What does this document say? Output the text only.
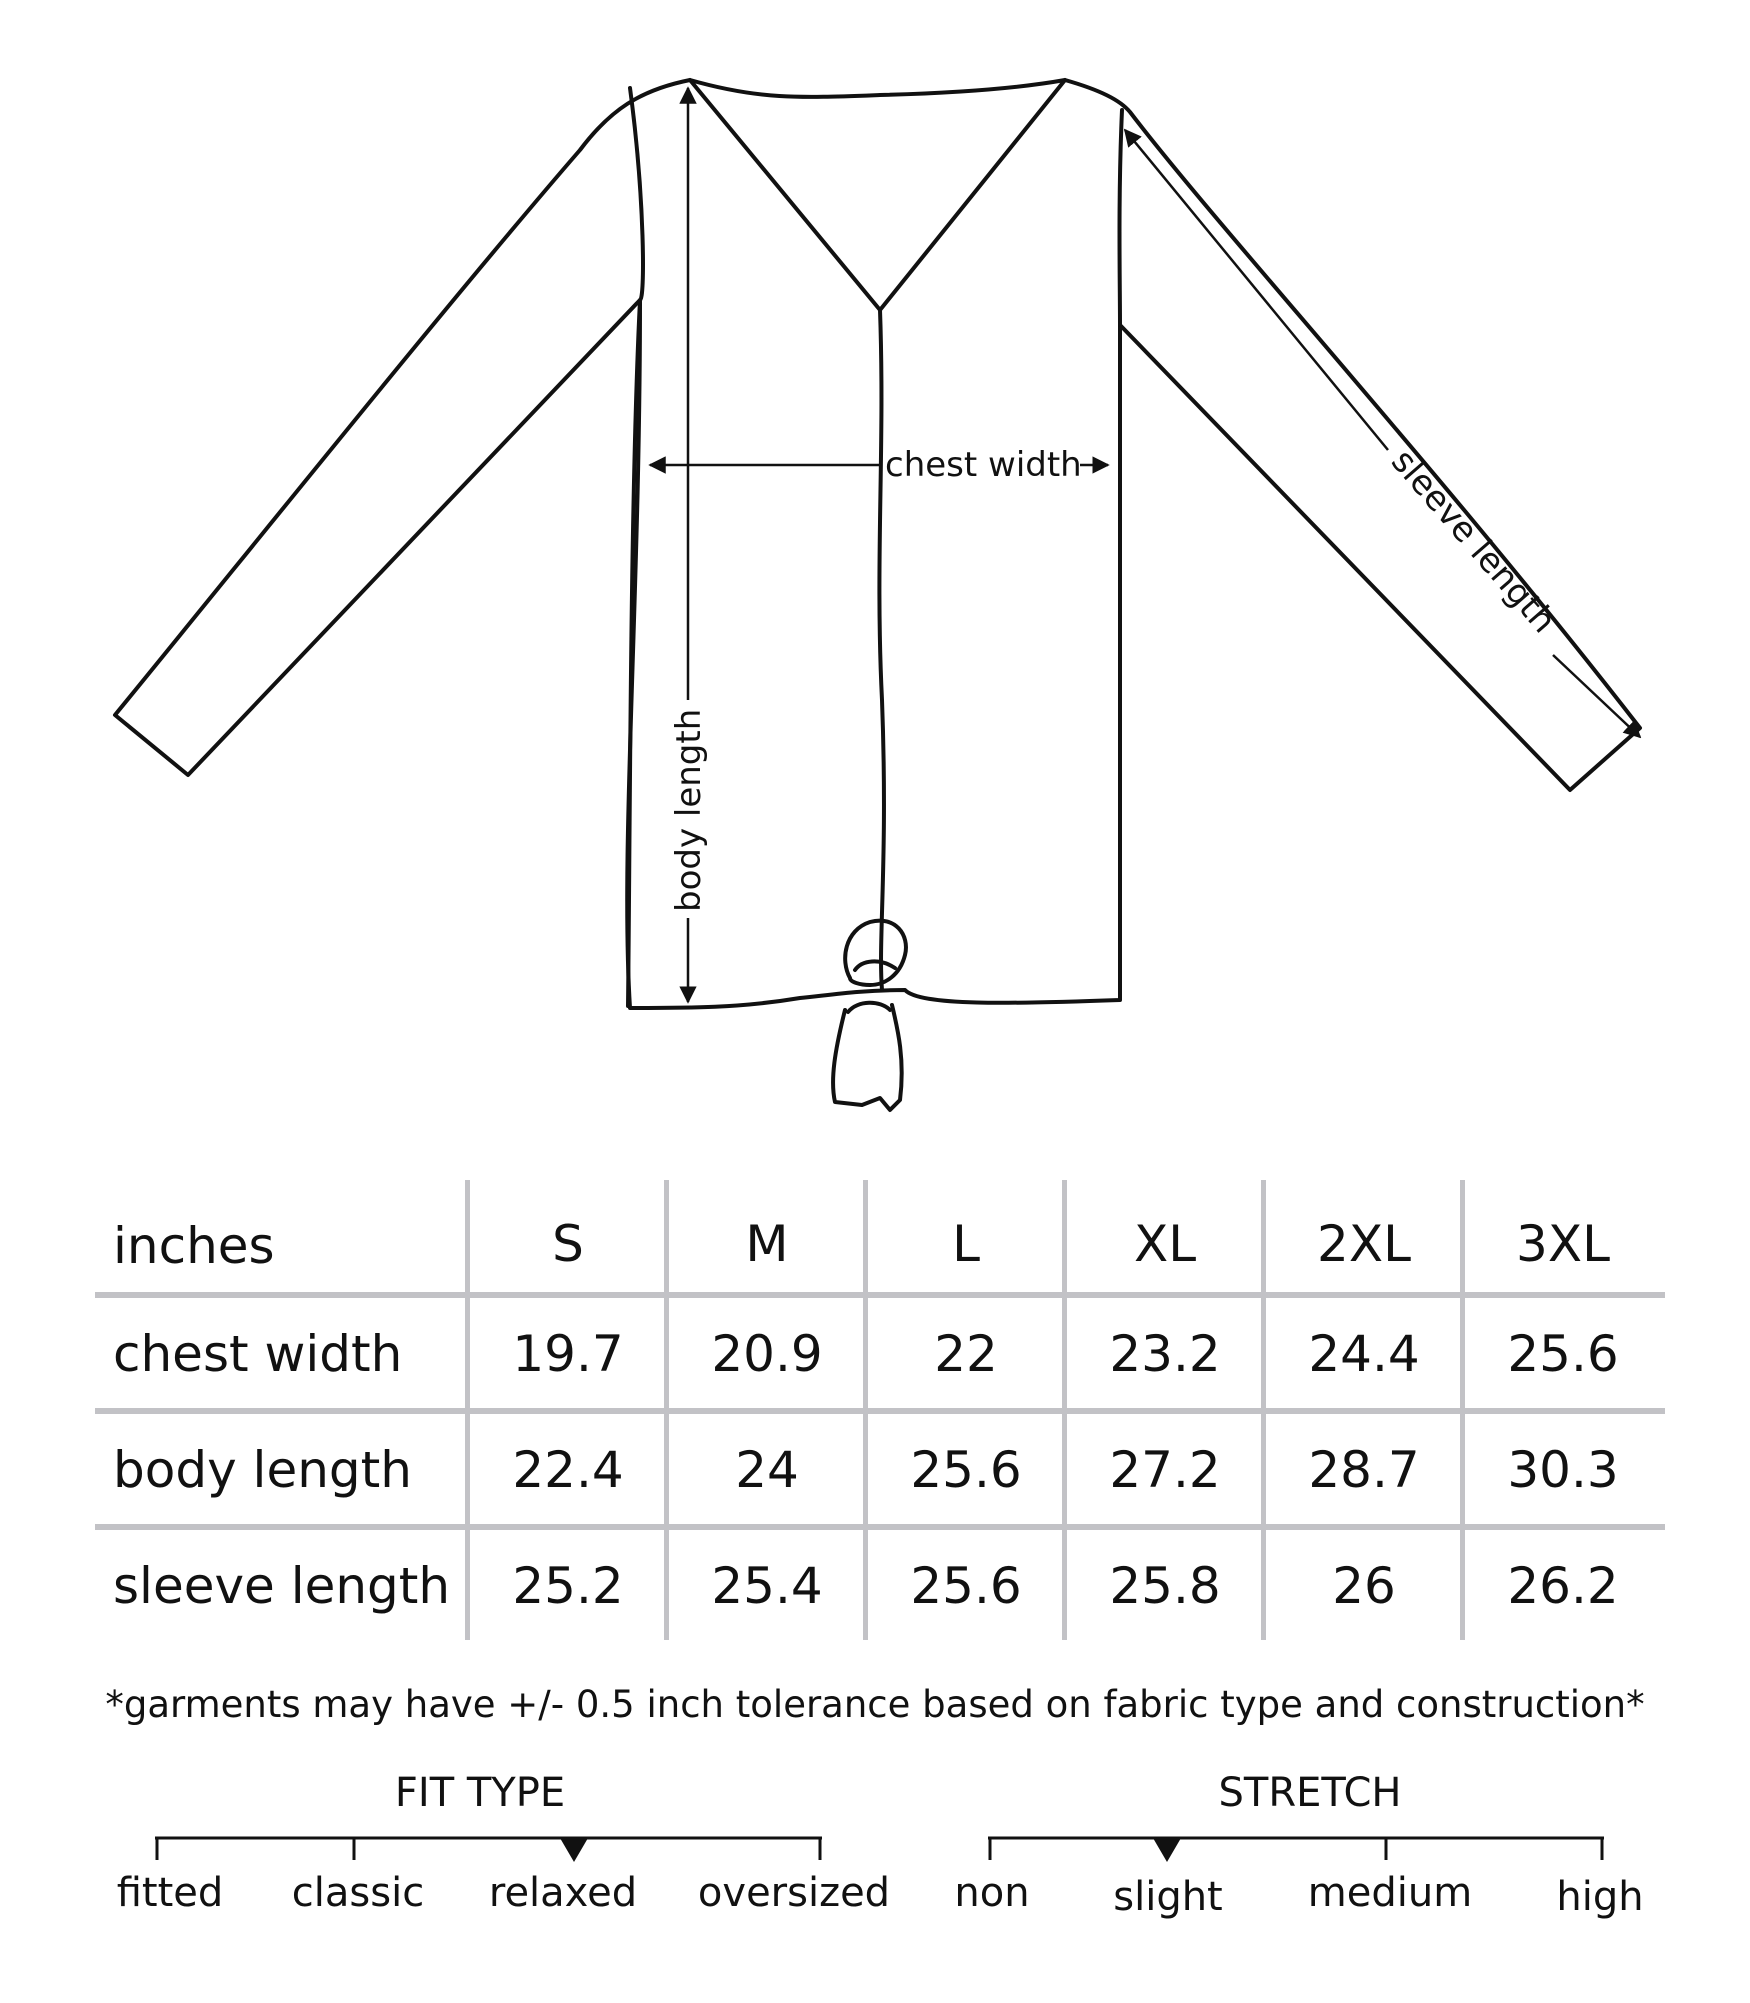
chest width
body length
sleeve length
inches	S	M	L	XL	2XL	3XL
chest width	19.7	20.9	22	23.2	24.4	25.6
body length	22.4	24	25.6	27.2	28.7	30.3
sleeve length	25.2	25.4	25.6	25.8	26	26.2
*garments may have +/- 0.5 inch tolerance based on fabric type and construction*
FIT TYPE	STRETCH
fitted	classic	relaxed	oversized	non	slight	medium	high
